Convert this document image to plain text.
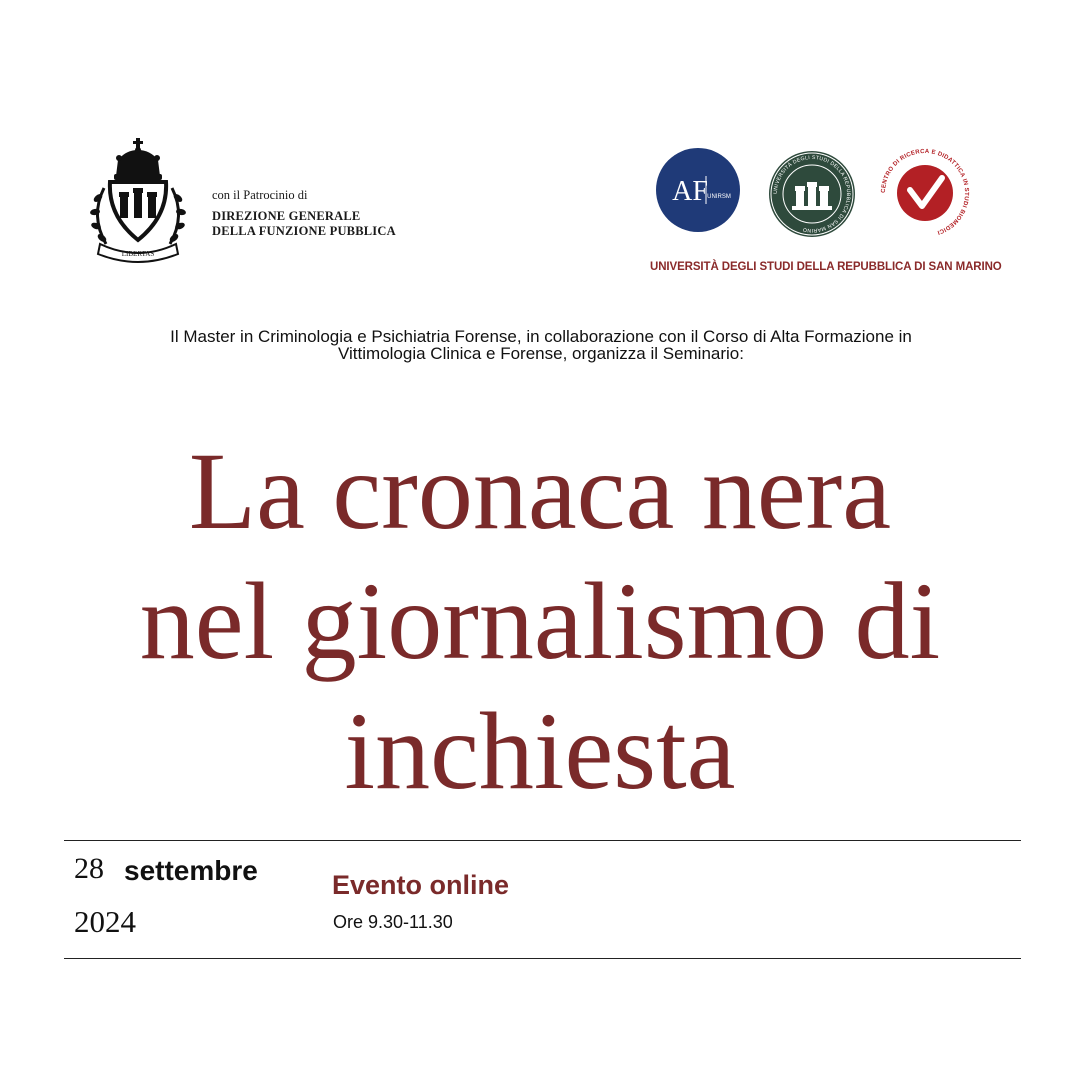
LIBERTAS
con il Patrocinio di
DIREZIONE GENERALE
DELLA FUNZIONE PUBBLICA
AF UNIRSM
UNIVERSITÀ DEGLI STUDI DELLA REPUBBLICA DI SAN MARINO
CENTRO DI RICERCA E DIDATTICA IN STUDI BIOMEDICI
UNIVERSITÀ DEGLI STUDI DELLA REPUBBLICA DI SAN MARINO
Il Master in Criminologia e Psichiatria Forense, in collaborazione con il Corso di Alta Formazione in
Vittimologia Clinica e Forense, organizza il Seminario:
La cronaca nera
nel giornalismo di
inchiesta
28 settembre
2024
Evento online
Ore 9.30-11.30
